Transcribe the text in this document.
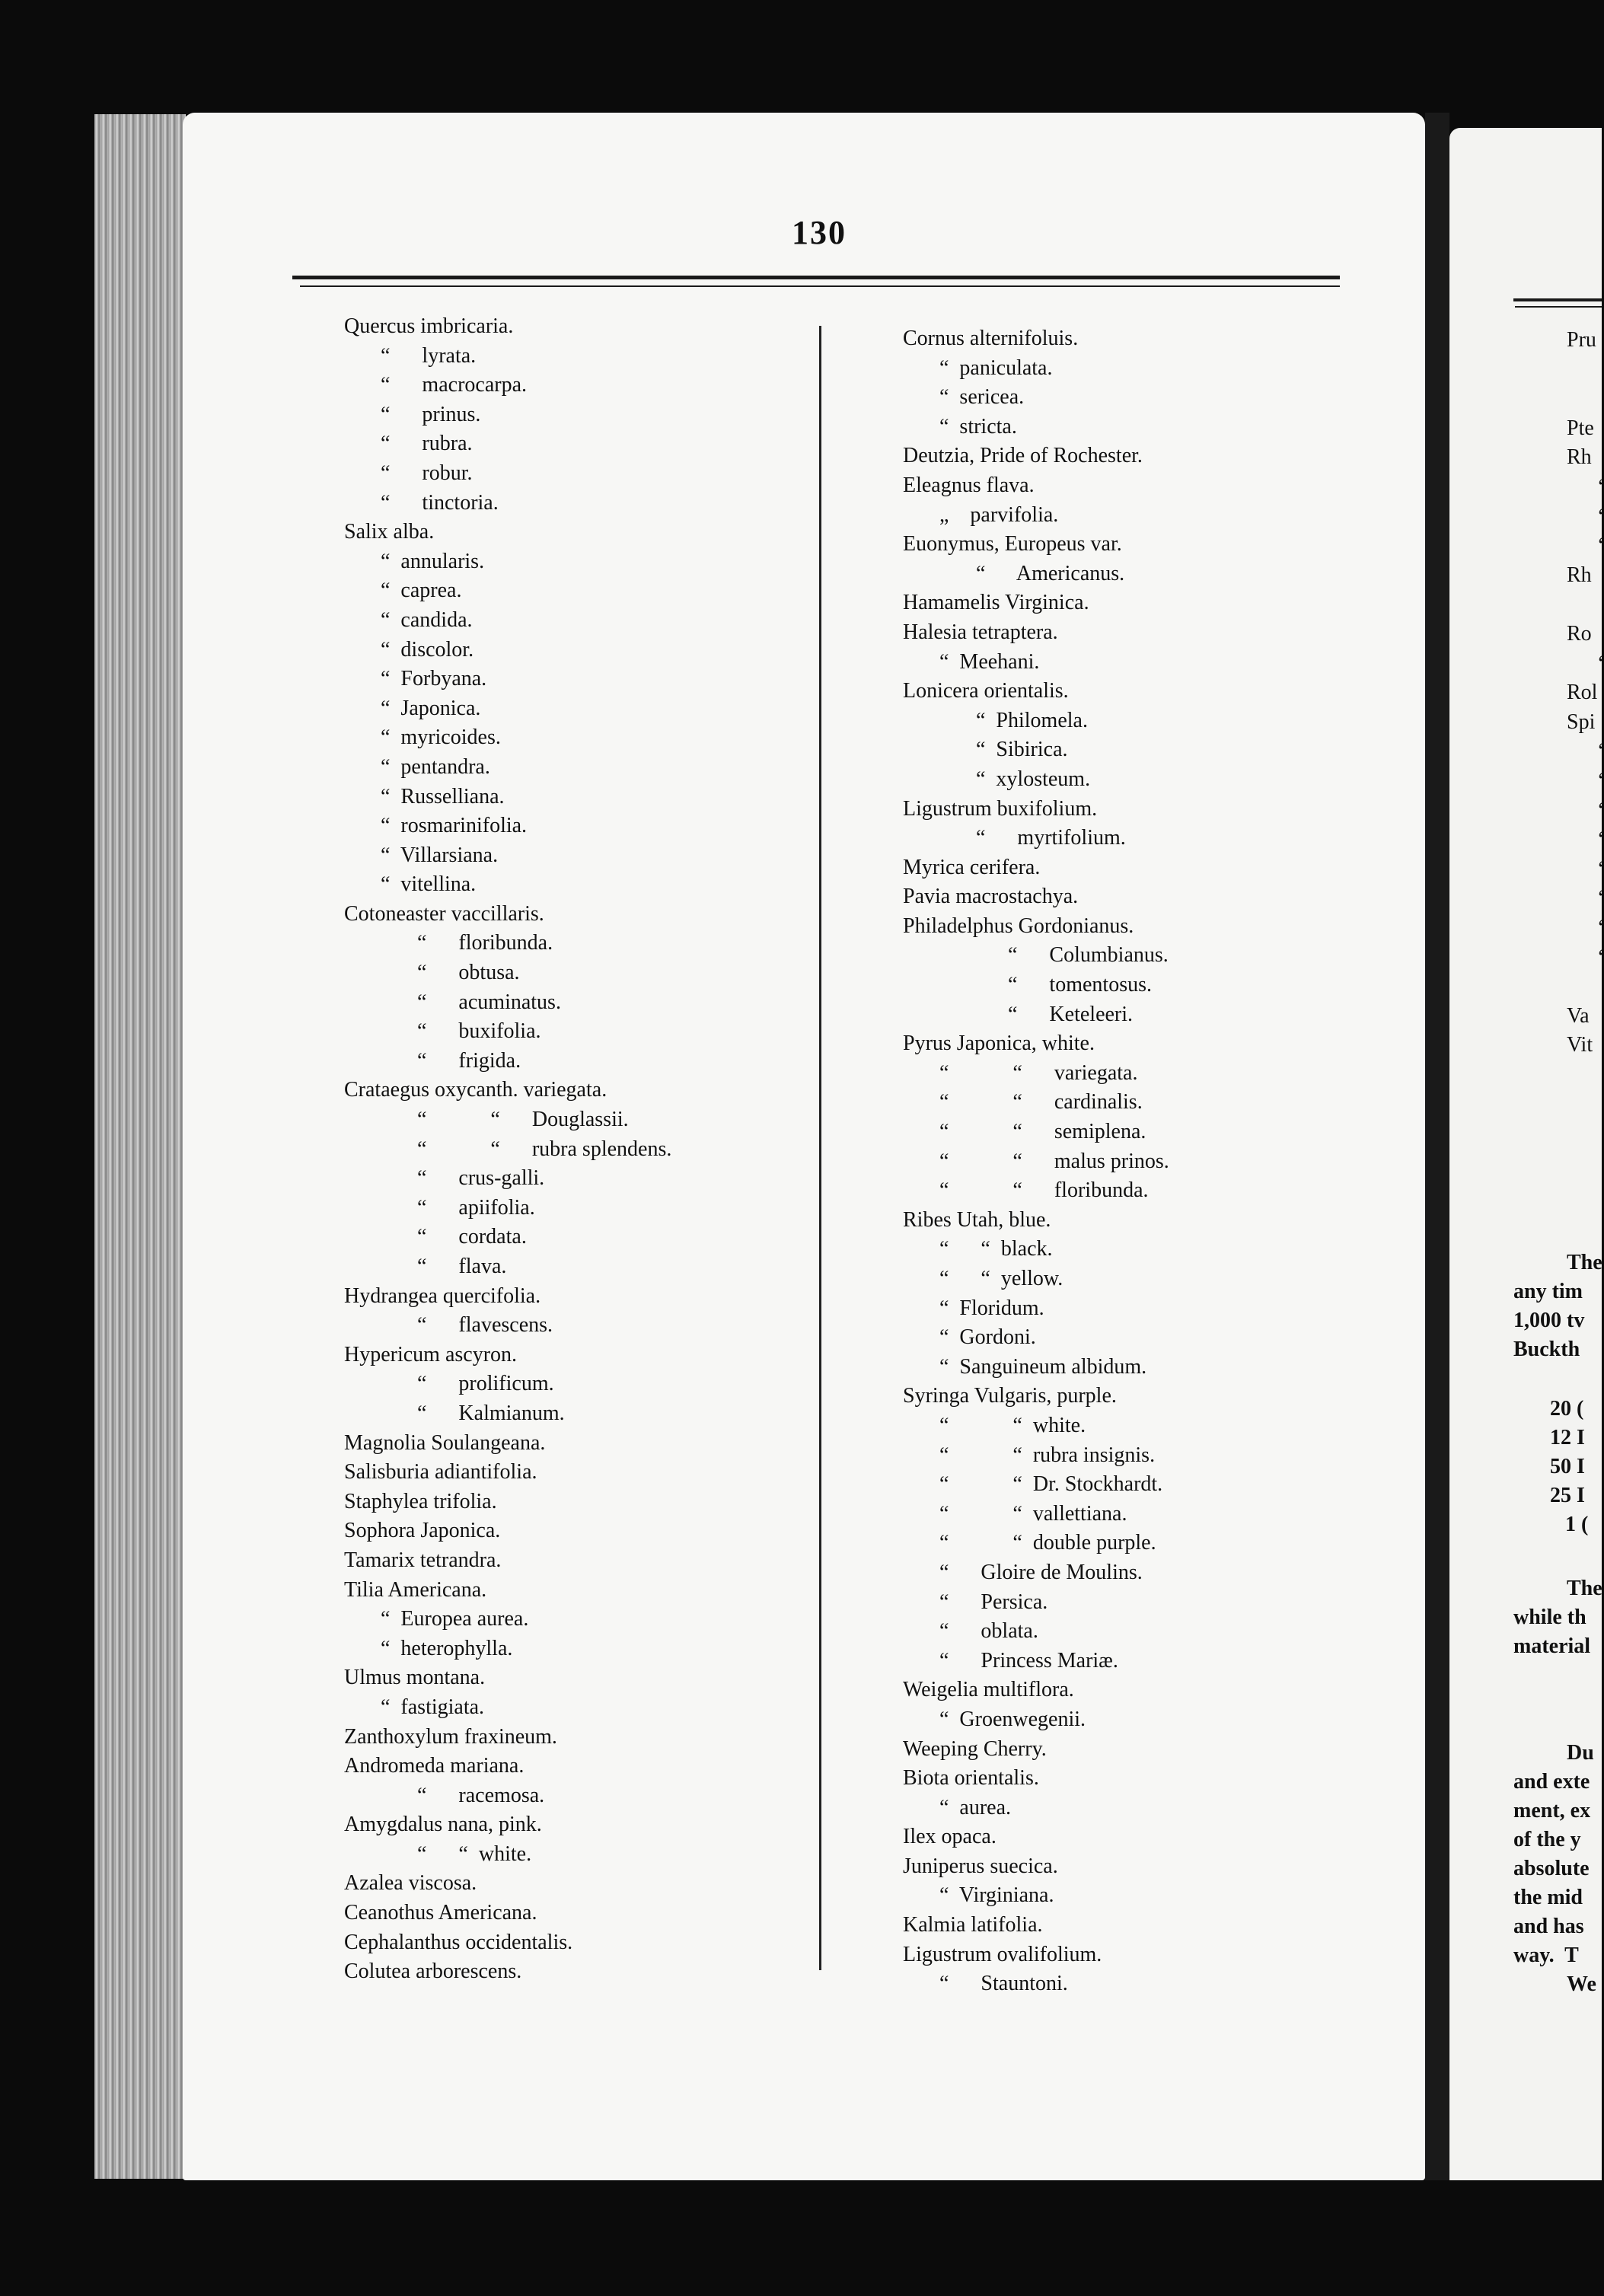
130
Quercus imbricaria.
“      lyrata.
“      macrocarpa.
“      prinus.
“      rubra.
“      robur.
“      tinctoria.
Salix alba.
“  annularis.
“  caprea.
“  candida.
“  discolor.
“  Forbyana.
“  Japonica.
“  myricoides.
“  pentandra.
“  Russelliana.
“  rosmarinifolia.
“  Villarsiana.
“  vitellina.
Cotoneaster vaccillaris.
“      floribunda.
“      obtusa.
“      acuminatus.
“      buxifolia.
“      frigida.
Crataegus oxycanth. variegata.
“            “      Douglassii.
“            “      rubra splendens.
“      crus-galli.
“      apiifolia.
“      cordata.
“      flava.
Hydrangea quercifolia.
“      flavescens.
Hypericum ascyron.
“      prolificum.
“      Kalmianum.
Magnolia Soulangeana.
Salisburia adiantifolia.
Staphylea trifolia.
Sophora Japonica.
Tamarix tetrandra.
Tilia Americana.
“  Europea aurea.
“  heterophylla.
Ulmus montana.
“  fastigiata.
Zanthoxylum fraxineum.
Andromeda mariana.
“      racemosa.
Amygdalus nana, pink.
“      “  white.
Azalea viscosa.
Ceanothus Americana.
Cephalanthus occidentalis.
Colutea arborescens.
Cornus alternifoluis.
“  paniculata.
“  sericea.
“  stricta.
Deutzia, Pride of Rochester.
Eleagnus flava.
„    parvifolia.
Euonymus, Europeus var.
“      Americanus.
Hamamelis Virginica.
Halesia tetraptera.
“  Meehani.
Lonicera orientalis.
“  Philomela.
“  Sibirica.
“  xylosteum.
Ligustrum buxifolium.
“      myrtifolium.
Myrica cerifera.
Pavia macrostachya.
Philadelphus Gordonianus.
“      Columbianus.
“      tomentosus.
“      Keteleeri.
Pyrus Japonica, white.
“            “      variegata.
“            “      cardinalis.
“            “      semiplena.
“            “      malus prinos.
“            “      floribunda.
Ribes Utah, blue.
“      “  black.
“      “  yellow.
“  Floridum.
“  Gordoni.
“  Sanguineum albidum.
Syringa Vulgaris, purple.
“            “  white.
“            “  rubra insignis.
“            “  Dr. Stockhardt.
“            “  vallettiana.
“            “  double purple.
“      Gloire de Moulins.
“      Persica.
“      oblata.
“      Princess Mariæ.
Weigelia multiflora.
“  Groenwegenii.
Weeping Cherry.
Biota orientalis.
“  aurea.
Ilex opaca.
Juniperus suecica.
“  Virginiana.
Kalmia latifolia.
Ligustrum ovalifolium.
“      Stauntoni.
Pru
Pte
Rh
‘
‘
‘
Rh
Ro
‘
Rol
Spi
‘
‘
‘
‘
‘
‘
‘
‘
Va
Vit
The
any tim
1,000 tv
Buckth
20 (
12 I
50 I
25 I
1 (
The
while th
material
Du
and exte
ment, ex
of the y
absolute
the mid
and has
way.  T
We
